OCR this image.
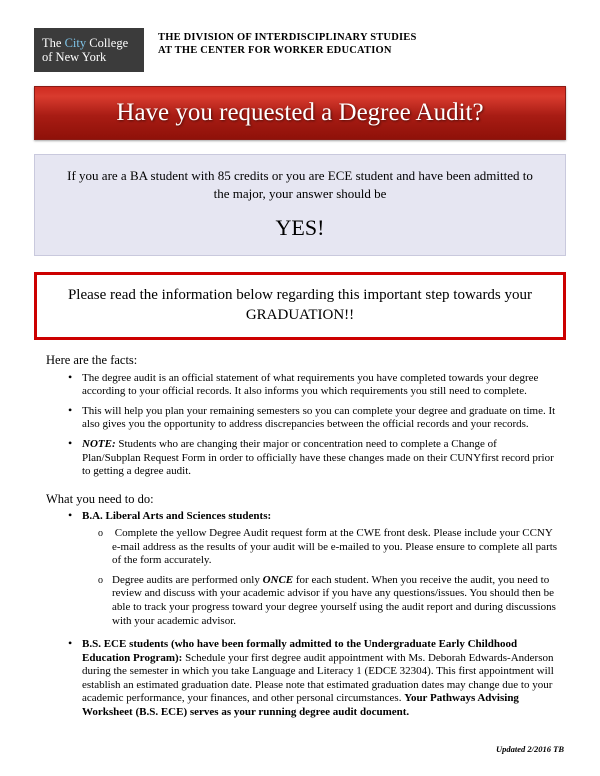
The City College
of New York
THE DIVISION OF INTERDISCIPLINARY STUDIES
AT THE CENTER FOR WORKER EDUCATION
Have you requested a Degree Audit?
If you are a BA student with 85 credits or you are ECE student and have been admitted to the major, your answer should be
YES!
Please read the information below regarding this important step towards your
GRADUATION!!
Here are the facts:
• The degree audit is an official statement of what requirements you have completed towards your degree according to your official records. It also informs you which requirements you still need to complete.
• This will help you plan your remaining semesters so you can complete your degree and graduate on time. It also gives you the opportunity to address discrepancies between the official records and your records.
• NOTE: Students who are changing their major or concentration need to complete a Change of Plan/Subplan Request Form in order to officially have these changes made on their CUNYfirst record prior to getting a degree audit.
What you need to do:
• B.A. Liberal Arts and Sciences students:
o Complete the yellow Degree Audit request form at the CWE front desk. Please include your CCNY e-mail address as the results of your audit will be e-mailed to you. Please ensure to complete all parts of the form accurately.
o Degree audits are performed only ONCE for each student. When you receive the audit, you need to review and discuss with your academic advisor if you have any questions/issues. You should then be able to track your progress toward your degree yourself using the audit report and during discussions with your academic advisor.
• B.S. ECE students (who have been formally admitted to the Undergraduate Early Childhood Education Program): Schedule your first degree audit appointment with Ms. Deborah Edwards-Anderson during the semester in which you take Language and Literacy 1 (EDCE 32304). This first appointment will establish an estimated graduation date. Please note that estimated graduation dates may change due to your academic performance, your finances, and other personal circumstances. Your Pathways Advising Worksheet (B.S. ECE) serves as your running degree audit document.
Updated 2/2016 TB
